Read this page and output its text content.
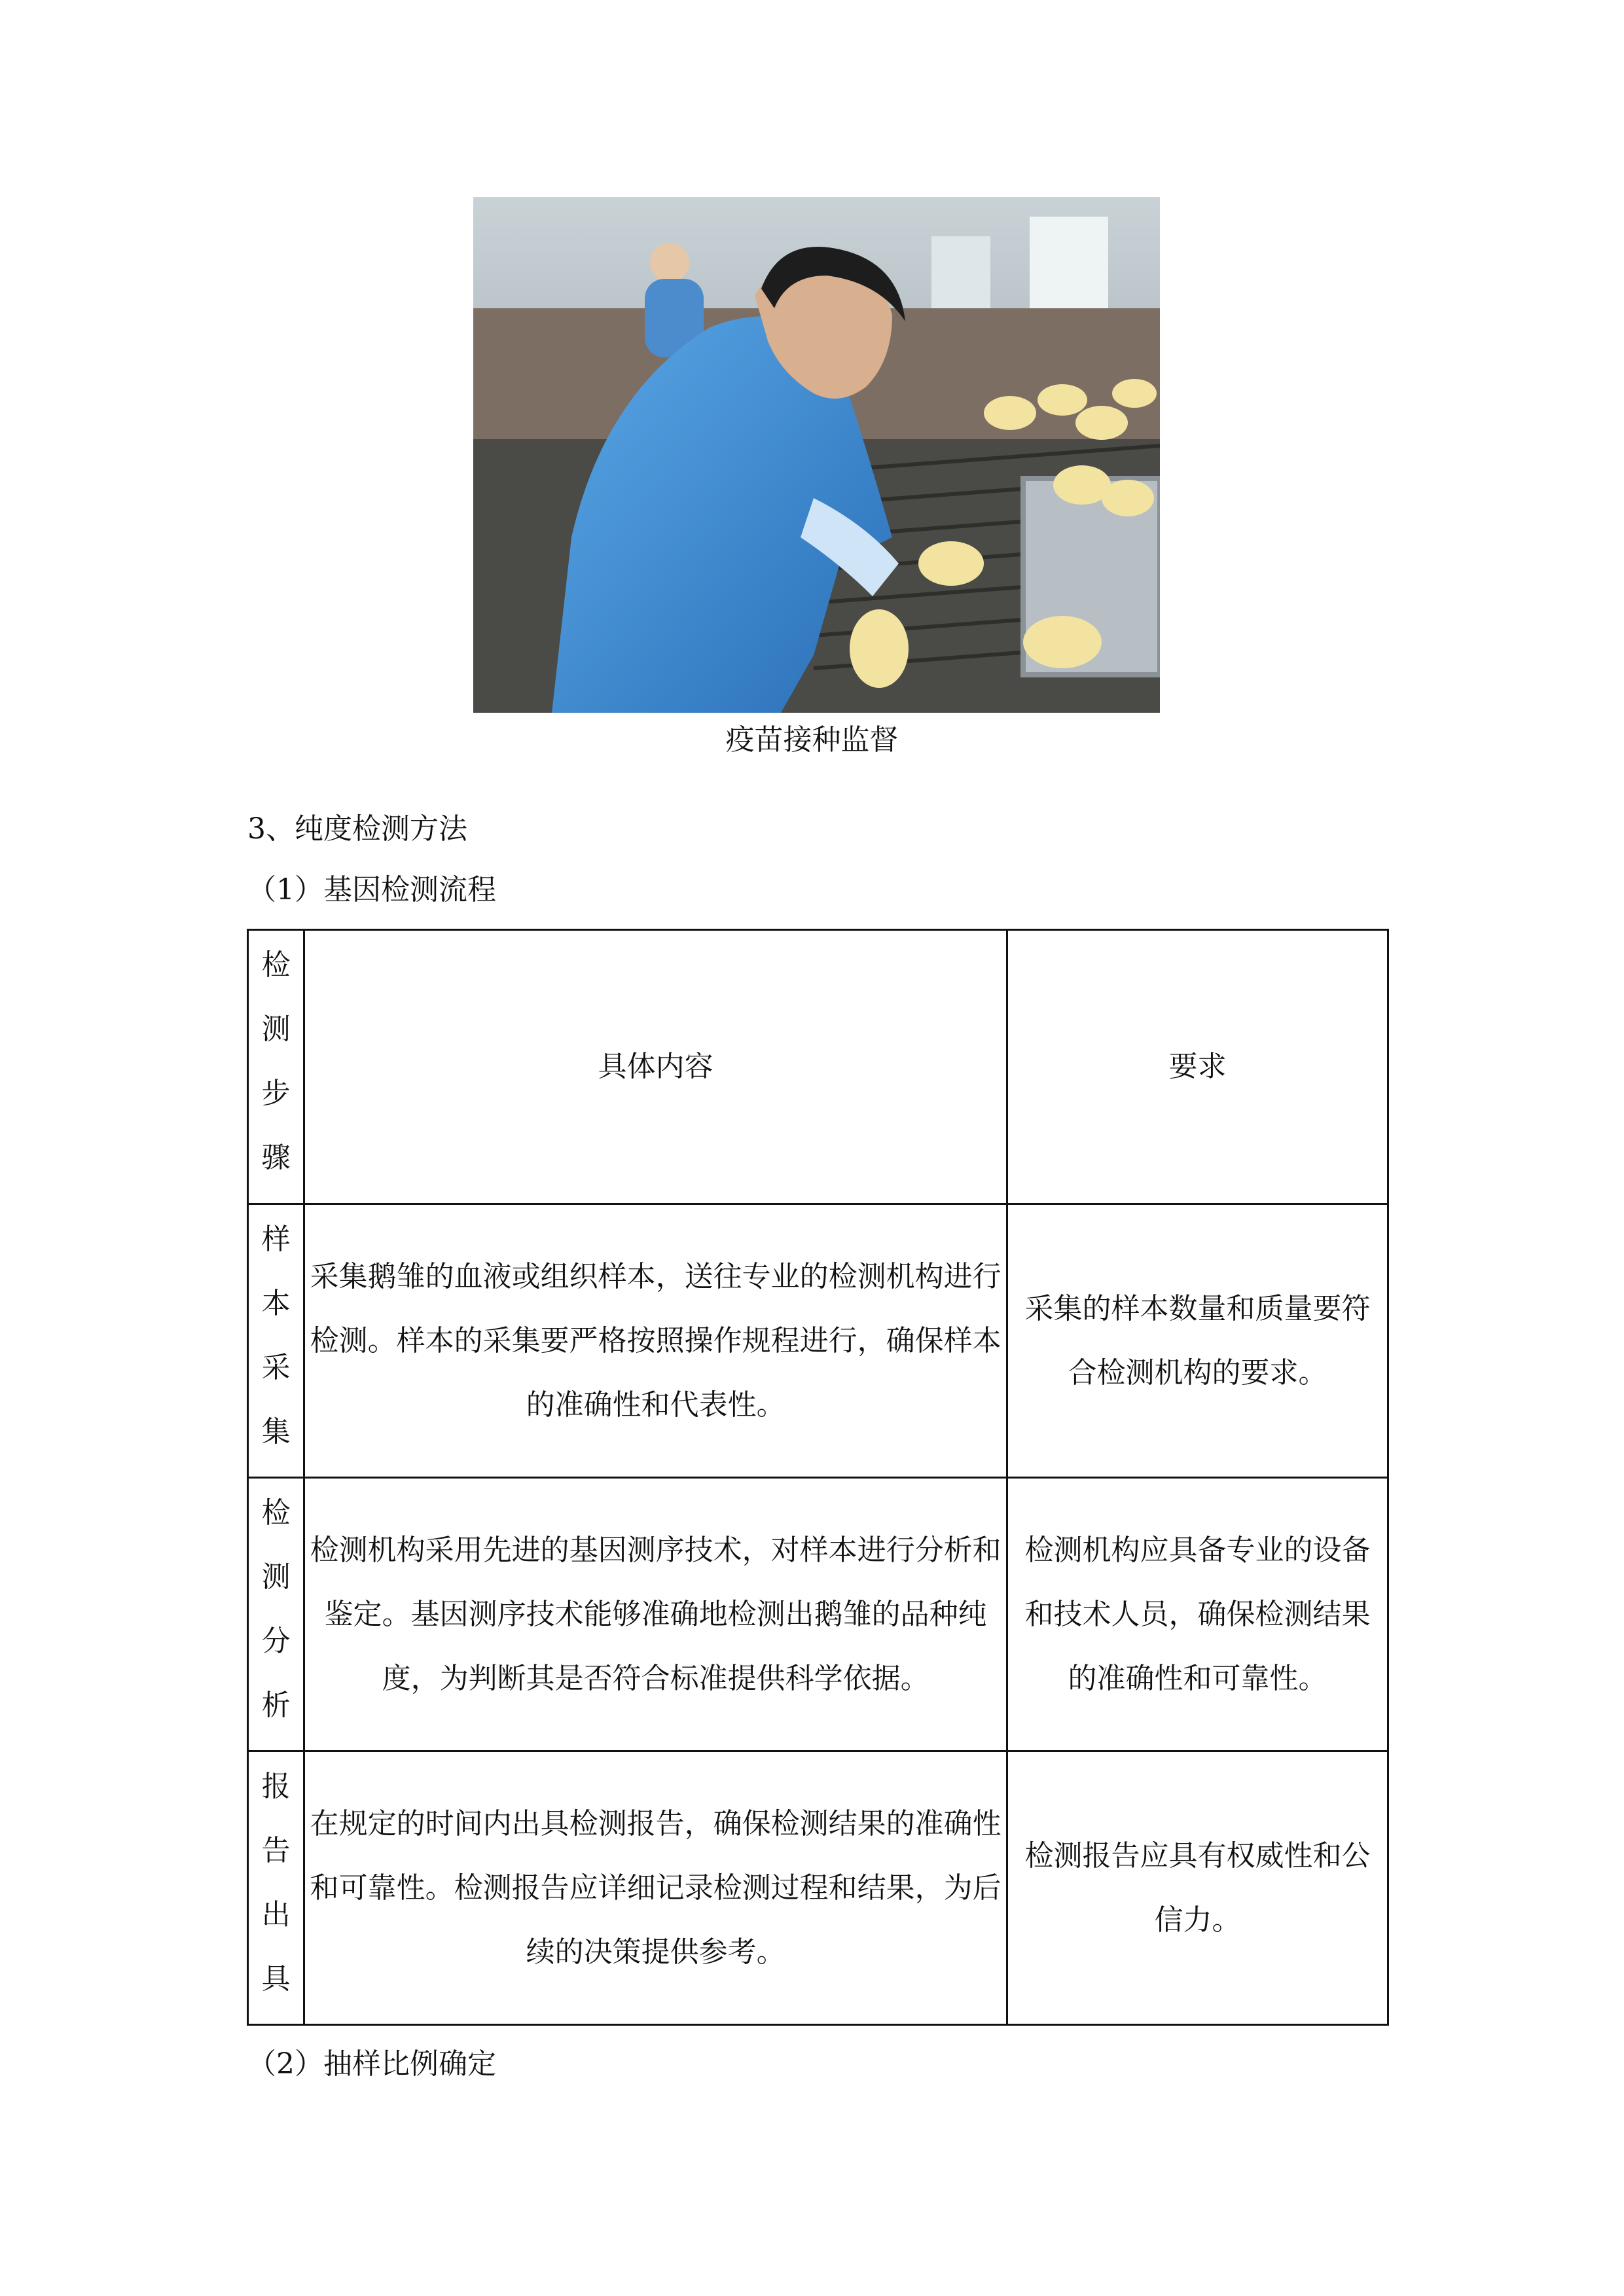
疫苗接种监督
3、纯度检测方法
（1）基因检测流程
检测步骤	具体内容	要求

样本采集	采集鹅雏的血液或组织样本，送往专业的检测机构进行检测。样本的采集要严格按照操作规程进行，确保样本的准确性和代表性。	采集的样本数量和质量要符合检测机构的要求。

检测分析	检测机构采用先进的基因测序技术，对样本进行分析和鉴定。基因测序技术能够准确地检测出鹅雏的品种纯度，为判断其是否符合标准提供科学依据。	检测机构应具备专业的设备和技术人员，确保检测结果的准确性和可靠性。

报告出具	在规定的时间内出具检测报告，确保检测结果的准确性和可靠性。检测报告应详细记录检测过程和结果，为后续的决策提供参考。	检测报告应具有权威性和公信力。
（2）抽样比例确定
